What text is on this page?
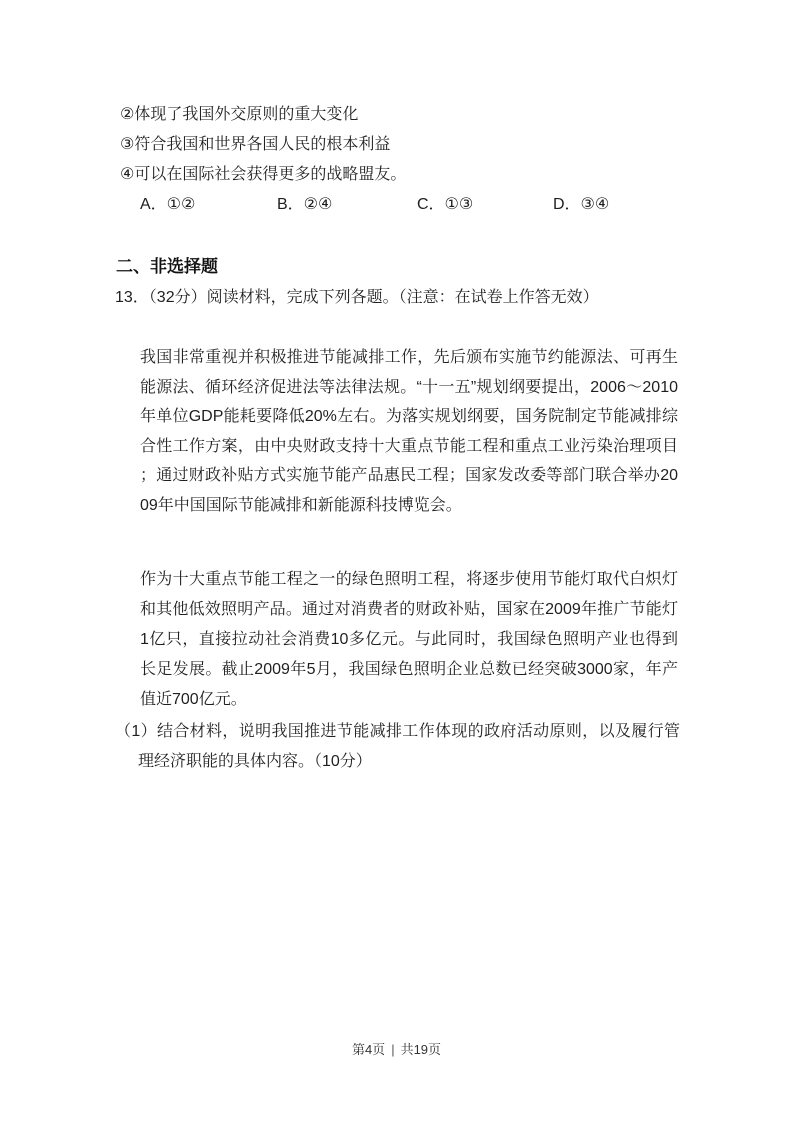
②体现了我国外交原则的重大变化
③符合我国和世界各国人民的根本利益
④可以在国际社会获得更多的战略盟友。
A．①②	B．②④	C．①③	D．③④
二、非选择题
13．（32分）阅读材料，完成下列各题。（注意：在试卷上作答无效）
我国非常重视并积极推进节能减排工作，先后颁布实施节约能源法、可再生
能源法、循环经济促进法等法律法规。“十一五”规划纲要提出，2006～2010
年单位GDP能耗要降低20%左右。为落实规划纲要，国务院制定节能减排综
合性工作方案，由中央财政支持十大重点节能工程和重点工业污染治理项目
；通过财政补贴方式实施节能产品惠民工程；国家发改委等部门联合举办20
09年中国国际节能减排和新能源科技博览会。
作为十大重点节能工程之一的绿色照明工程，将逐步使用节能灯取代白炽灯
和其他低效照明产品。通过对消费者的财政补贴，国家在2009年推广节能灯
1亿只，直接拉动社会消费10多亿元。与此同时，我国绿色照明产业也得到
长足发展。截止2009年5月，我国绿色照明企业总数已经突破3000家，年产
值近700亿元。
（1）结合材料，说明我国推进节能减排工作体现的政府活动原则，以及履行管
理经济职能的具体内容。（10分）
第4页 | 共19页
